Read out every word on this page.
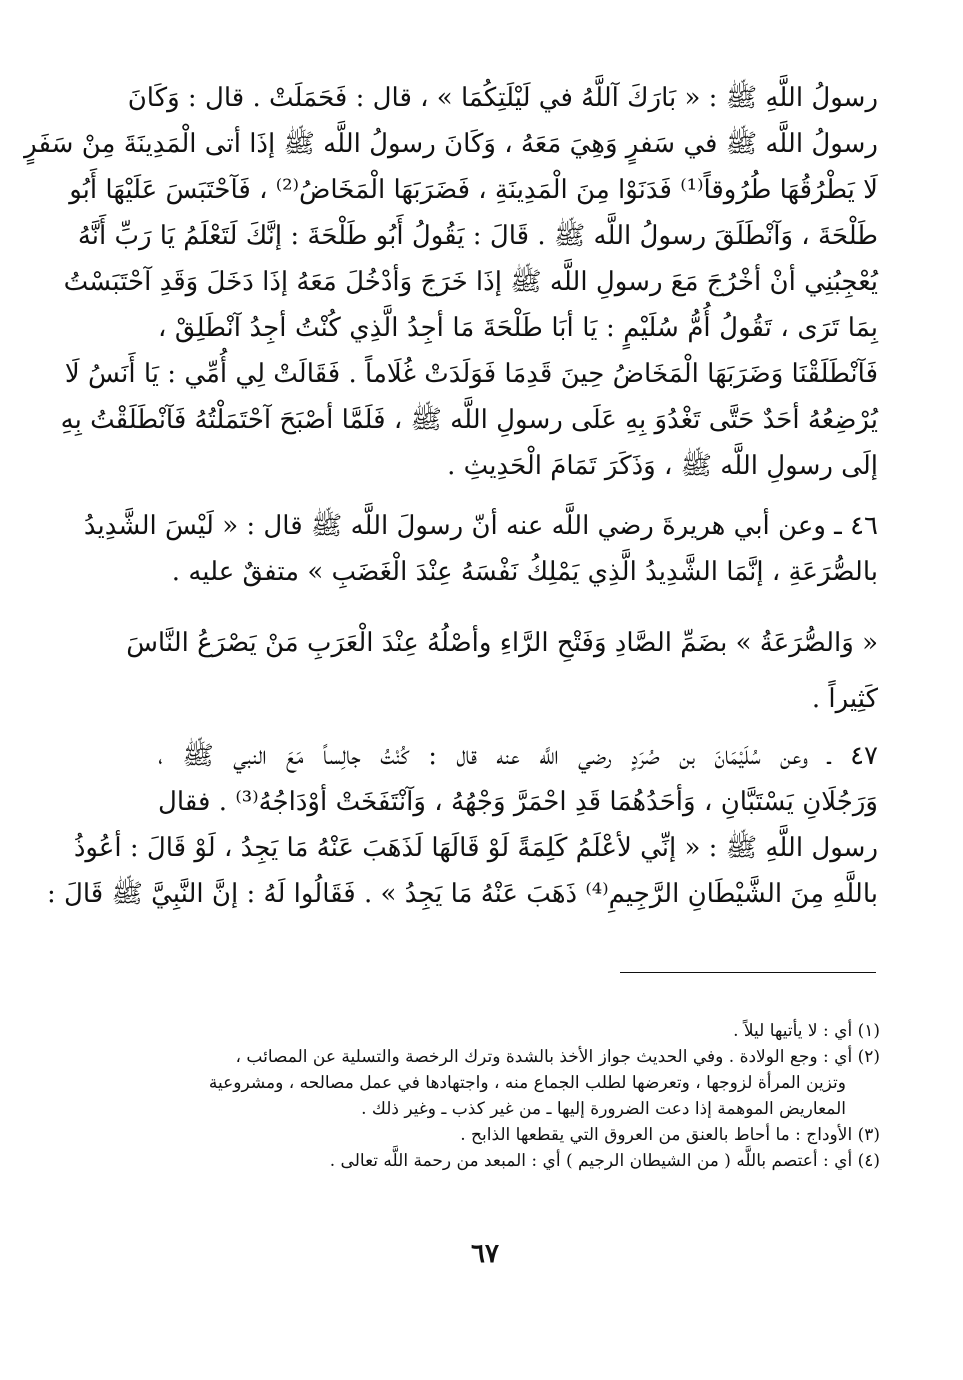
رسولُ اللَّهِ ﷺ : « بَارَكَ آللَّهُ في لَيْلَتِكُمَا » ، قال : فَحَمَلَتْ . قال : وَكَانَ
رسولُ اللَّه ﷺ في سَفرٍ وَهِيَ مَعَهُ ، وَكَانَ رسولُ اللَّه ﷺ إذَا أتى الْمَدِينَةَ مِنْ سَفَرٍ
لَا يَطْرُقُهَا طُرُوقاً⁽¹⁾ فَدَنَوْا مِنَ الْمَدِينَةِ ، فَضَرَبَهَا الْمَخَاضُ⁽²⁾ ، فَآحْتَبَسَ عَلَيْهَا أَبُو
طَلْحَةَ ، وَآنْطَلَقَ رسولُ اللَّه ﷺ . قَالَ : يَقُولُ أَبُو طَلْحَةَ : إنَّكَ لَتَعْلَمُ يَا رَبِّ أَنَّهُ
يُعْجِبُنِي أنْ أخْرُجَ مَعَ رسولِ اللَّه ﷺ إذَا خَرَجَ وَأدْخُلَ مَعَهُ إذَا دَخَلَ وَقَدِ آحْتَبَسْتُ
بِمَا تَرَى ، تَقُولُ أُمُّ سُلَيْمٍ : يَا أبَا طَلْحَةَ مَا أجِدُ الَّذِي كُنْتُ أجِدُ آنْطَلِقْ ،
فَآنْطَلَقْنَا وَضَرَبَهَا الْمَخَاضُ حِينَ قَدِمَا فَوَلَدَتْ غُلَاماً . فَقَالَتْ لِي أُمِّي : يَا أَنَسُ لَا
يُرْضِعُهُ أحَدٌ حَتَّى تَغْدُوَ بِهِ عَلَى رسولِ اللَّه ﷺ ، فَلَمَّا أصْبَحَ آحْتَمَلْتُهُ فَآنْطَلَقْتُ بِهِ
إلَى رسولِ اللَّه ﷺ ، وَذَكَرَ تَمَامَ الْحَدِيثِ .
٤٦ ـ وعن أبي هريرةَ رضي اللَّه عنه أنّ رسولَ اللَّه ﷺ قال : « لَيْسَ الشَّدِيدُ
بالصُّرَعَةِ ، إنَّمَا الشَّدِيدُ الَّذِي يَمْلِكُ نَفْسَهُ عِنْدَ الْغَضَبِ » متفقٌ عليه .
« وَالصُّرَعَةُ » بضَمِّ الصَّادِ وَفَتْحِ الرَّاءِ وأصْلُهُ عِنْدَ الْعَرَبِ مَنْ يَصْرَعُ النَّاسَ
كَثِيراً .
٤٧ ـ وعن سُلَيْمَانَ بن صُرَدٍ رضي اللَّه عنه قال : كُنْتُ جالِساً مَعَ النبي ﷺ ،
وَرَجُلَانِ يَسْتَبَّانِ ، وَأحَدُهُمَا قَدِ احْمَرَّ وَجْهُهُ ، وَآنْتَفَخَتْ أوْدَاجُهُ⁽³⁾ . فقال
رسول اللَّهِ ﷺ : « إنِّي لأعْلَمُ كَلِمَةً لَوْ قَالَهَا لَذَهَبَ عَنْهُ مَا يَجِدُ ، لَوْ قَالَ : أعُوذُ
باللَّهِ مِنَ الشَّيْطَانِ الرَّجِيمِ⁽⁴⁾ ذَهَبَ عَنْهُ مَا يَجِدُ » . فَقَالُوا لَهُ : إنَّ النَّبِيَّ ﷺ قَالَ :
(١) أي : لا يأتيها ليلاً .
(٢) أي : وجع الولادة . وفي الحديث جواز الأخذ بالشدة وترك الرخصة والتسلية عن المصائب ،
وتزين المرأة لزوجها ، وتعرضها لطلب الجماع منه ، واجتهادها في عمل مصالحه ، ومشروعية
المعاريض الموهمة إذا دعت الضرورة إليها ـ من غير كذب ـ وغير ذلك .
(٣) الأوداج : ما أحاط بالعنق من العروق التي يقطعها الذابح .
(٤) أي : أعتصم باللَّه ( من الشيطان الرجيم ) أي : المبعد من رحمة اللَّه تعالى .
٦٧
